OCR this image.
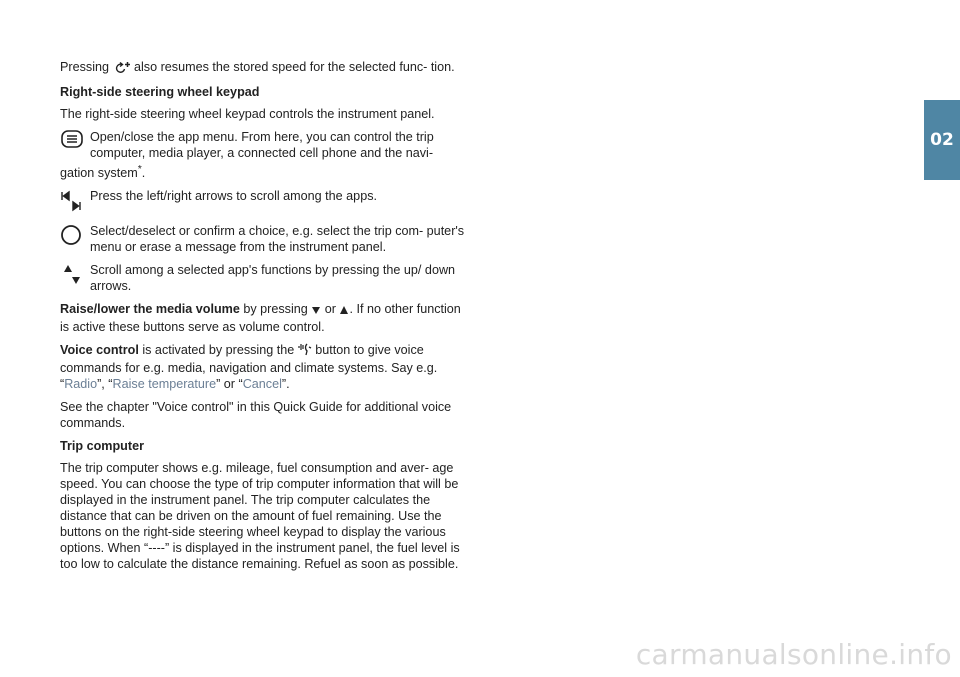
Pressing  also resumes the stored speed for the selected func- tion.

Right-side steering wheel keypad

The right-side steering wheel keypad controls the instrument panel.

Open/close the app menu. From here, you can control the trip computer, media player, a connected cell phone and the navi- gation system*.
Press the left/right arrows to scroll among the apps.
Select/deselect or confirm a choice, e.g. select the trip com- puter's menu or erase a message from the instrument panel.
Scroll among a selected app's functions by pressing the up/ down arrows.

Raise/lower the media volume by pressing  or . If no other function is active these buttons serve as volume control.

Voice control is activated by pressing the  button to give voice commands for e.g. media, navigation and climate systems. Say e.g. “Radio”, “Raise temperature” or “Cancel”.

See the chapter "Voice control" in this Quick Guide for additional voice commands.

Trip computer

The trip computer shows e.g. mileage, fuel consumption and aver- age speed. You can choose the type of trip computer information that will be displayed in the instrument panel. The trip computer calculates the distance that can be driven on the amount of fuel remaining. Use the buttons on the right-side steering wheel keypad to display the various options. When “----” is displayed in the instrument panel, the fuel level is too low to calculate the distance remaining. Refuel as soon as possible.

02
carmanualsonline.info
